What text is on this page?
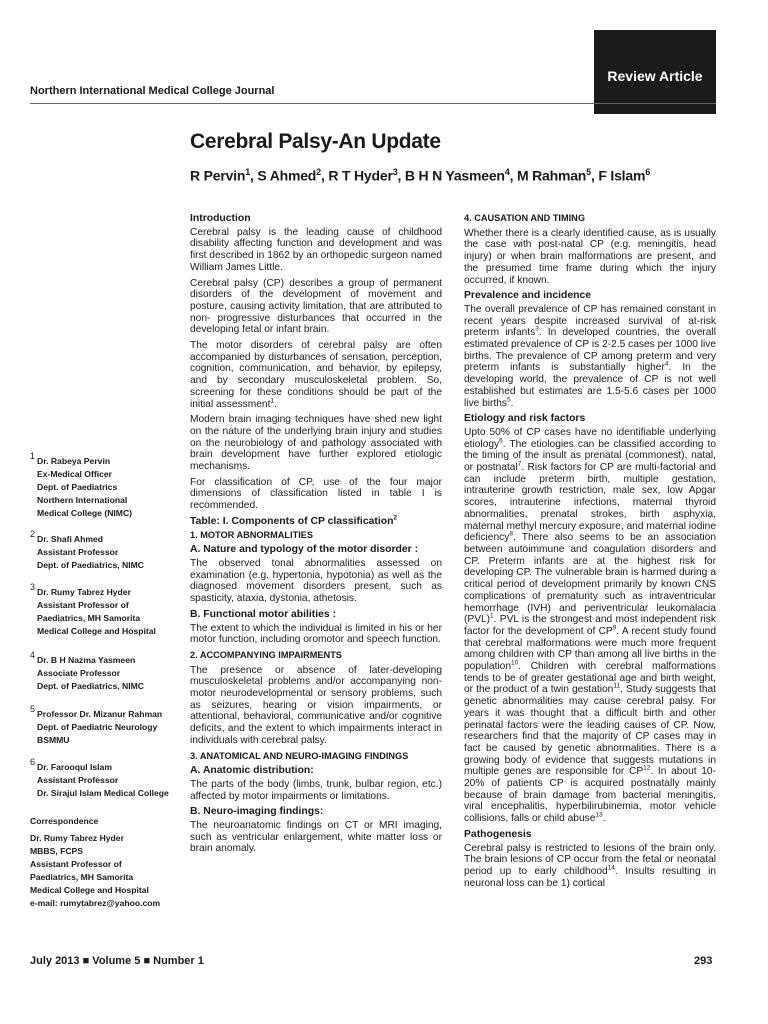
Review Article
Northern International Medical College Journal
Cerebral Palsy-An Update
R Pervin$^1$, S Ahmed$^2$, R T Hyder$^3$, B H N Yasmeen$^4$, M Rahman$^5$, F Islam$^6$
1 Dr. Rabeya Pervin
Ex-Medical Officer
Dept. of Paediatrics
Northern International
Medical College (NIMC)
2 Dr. Shafi Ahmed
Assistant Professor
Dept. of Paediatrics, NIMC
3 Dr. Rumy Tabrez Hyder
Assistant Professor of
Paediatrics, MH Samorita
Medical College and Hospital
4 Dr. B H Nazma Yasmeen
Associate Professor
Dept. of Paediatrics, NIMC
5 Professor Dr. Mizanur Rahman
Dept. of Paediatric Neurology
BSMMU
6 Dr. Farooqul Islam
Assistant Professor
Dr. Sirajul Islam Medical College
Correspondence
Dr. Rumy Tabrez Hyder
MBBS, FCPS
Assistant Professor of
Paediatrics, MH Samorita
Medical College and Hospital
e-mail: rumytabrez@yahoo.com
Introduction

Cerebral palsy is the leading cause of childhood disability affecting function and development and was first described in 1862 by an orthopedic surgeon named William James Little.

Cerebral palsy (CP) describes a group of permanent disorders of the development of movement and posture, causing activity limitation, that are attributed to non- progressive disturbances that occurred in the developing fetal or infant brain.

The motor disorders of cerebral palsy are often accompanied by disturbances of sensation, perception, cognition, communication, and behavior, by epilepsy, and by secondary musculoskeletal problem. So, screening for these conditions should be part of the initial assessment$^1$.

Modern brain imaging techniques have shed new light on the nature of the underlying brain injury and studies on the neurobiology of and pathology associated with brain development have further explored etiologic mechanisms.

For classification of CP, use of the four major dimensions of classification listed in table I is recommended.

Table: I. Components of CP classification$^2$
1. MOTOR ABNORMALITIES
A. Nature and typology of the motor disorder :

The observed tonal abnormalities assessed on examination (e.g. hypertonia, hypotonia) as well as the diagnosed movement disorders present, such as spasticity, ataxia, dystonia, athetosis.

B. Functional motor abilities :

The extent to which the individual is limited in his or her motor function, including oromotor and speech function.

2. ACCOMPANYING IMPAIRMENTS

The presence or absence of later-developing musculoskeletal problems and/or accompanying non-motor neurodevelopmental or sensory problems, such as seizures, hearing or vision impairments, or attentional, behavioral, communicative and/or cognitive deficits, and the extent to which impairments interact in individuals with cerebral palsy.

3. ANATOMICAL AND NEURO-IMAGING FINDINGS
A. Anatomic distribution:

The parts of the body (limbs, trunk, bulbar region, etc.) affected by motor impairments or limitations.

B. Neuro-imaging findings:

The neuroanatomic findings on CT or MRI imaging, such as ventricular enlargement, white matter loss or brain anomaly.

4. CAUSATION AND TIMING

Whether there is a clearly identified cause, as is usually the case with post-natal CP (e.g. meningitis, head injury) or when brain malformations are present, and the presumed time frame during which the injury occurred, if known.

Prevalence and incidence

The overall prevalence of CP has remained constant in recent years despite increased survival of at-risk preterm infants$^3$. In developed countries, the overall estimated prevalence of CP is 2-2.5 cases per 1000 live births. The prevalence of CP among preterm and very preterm infants is substantially higher$^4$. In the developing world, the prevalence of CP is not well established but estimates are 1.5-5.6 cases per 1000 live births$^5$.

Etiology and risk factors

Upto 50% of CP cases have no identifiable underlying etiology$^6$. The etiologies can be classified according to the timing of the insult as prenatal (commonest), natal, or postnatal$^7$. Risk factors for CP are multi-factorial and can include preterm birth, multiple gestation, intrauterine growth restriction, male sex, low Apgar scores, intrauterine infections, maternal thyroid abnormalities, prenatal strokes, birth asphyxia, maternal methyl mercury exposure, and maternal iodine deficiency$^8$. There also seems to be an association between autoimmune and coagulation disorders and CP. Preterm infants are at the highest risk for developing CP. The vulnerable brain is harmed during a critical period of development primarily by known CNS complications of prematurity such as intraventricular hemorrhage (IVH) and periventricular leukomalacia (PVL)$^1$. PVL is the strongest and most independent risk factor for the development of $CP^9$. A recent study found that cerebral malformations were much more frequent among children with CP than among all live births in the population$^{10}$. Children with cerebral malformations tends to be of greater gestational age and birth weight, or the product of a twin gestation$^{11}$. Study suggests that genetic abnormalities may cause cerebral palsy. For years it was thought that a difficult birth and other perinatal factors were the leading causes of CP. Now, researchers find that the majority of CP cases may in fact be caused by genetic abnormalities. There is a growing body of evidence that suggests mutations in multiple genes are responsible for CP$^{12}$. In about 10-20% of patients CP is acquired postnatally mainly because of brain damage from bacterial meningitis, viral encephalitis, hyperbilirubinemia, motor vehicle collisions, falls or child abuse$^{13}$.

Pathogenesis

Cerebral palsy is restricted to lesions of the brain only. The brain lesions of CP occur from the fetal or neonatal period up to early childhood$^{14}$. Insults resulting in neuronal loss can be 1) cortical

July 2013 ■ Volume 5 ■ Number 1	293
